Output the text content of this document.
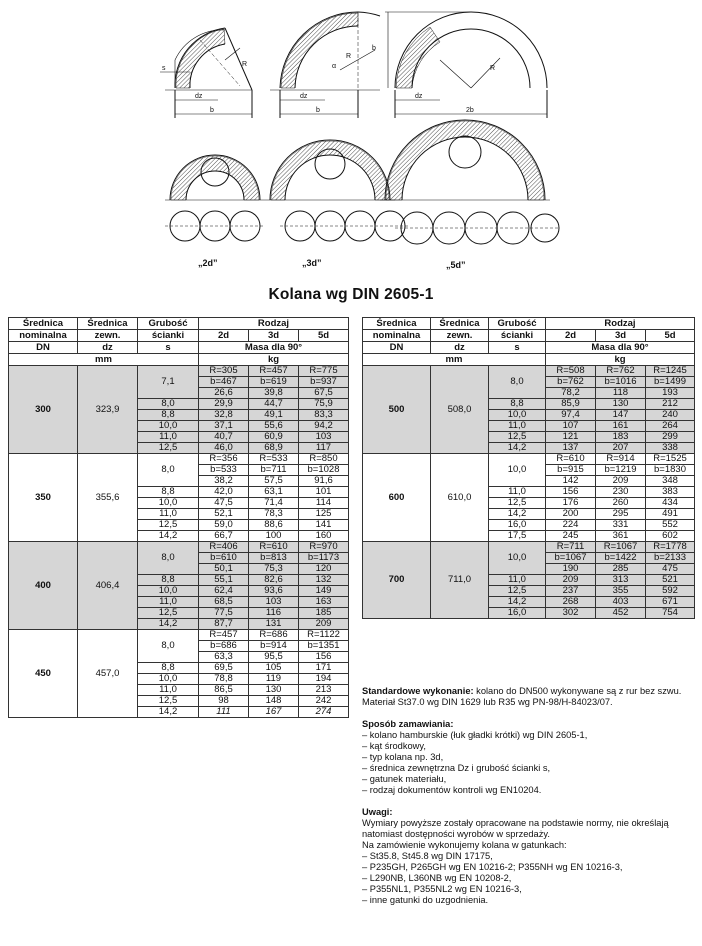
s
R
dz
b
dz
b
α
R
b
dz
2b
R
„2d”	„3d”	„5d”
Kolana wg DIN 2605-1
Średnica	Średnica	Grubość	Rodzaj		
nominalna	zewn.	ścianki	2d	3d	5d
DN	dz	s	Masa dla 90°		
mm			kg		
300	323,9	7,1	R=305	R=457	R=775
			b=467	b=619	b=937
			26,6	39,8	67,5
		8,0	29,9	44,7	75,9
		8,8	32,8	49,1	83,3
		10,0	37,1	55,6	94,2
		11,0	40,7	60,9	103
		12,5	46,0	68,9	117
350	355,6	8,0	R=356	R=533	R=850
			b=533	b=711	b=1028
			38,2	57,5	91,6
		8,8	42,0	63,1	101
		10,0	47,5	71,4	114
		11,0	52,1	78,3	125
		12,5	59,0	88,6	141
		14,2	66,7	100	160
400	406,4	8,0	R=406	R=610	R=970
			b=610	b=813	b=1173
			50,1	75,3	120
		8,8	55,1	82,6	132
		10,0	62,4	93,6	149
		11,0	68,5	103	163
		12,5	77,5	116	185
		14,2	87,7	131	209
450	457,0	8,0	R=457	R=686	R=1122
			b=686	b=914	b=1351
			63,3	95,5	156
		8,8	69,5	105	171
		10,0	78,8	119	194
		11,0	86,5	130	213
		12,5	98	148	242
		14,2	111	167	274
Średnica	Średnica	Grubość	Rodzaj		
nominalna	zewn.	ścianki	2d	3d	5d
DN	dz	s	Masa dla 90°		
mm			kg		
500	508,0	8,0	R=508	R=762	R=1245
			b=762	b=1016	b=1499
			78,2	118	193
		8,8	85,9	130	212
		10,0	97,4	147	240
		11,0	107	161	264
		12,5	121	183	299
		14,2	137	207	338
600	610,0	10,0	R=610	R=914	R=1525
			b=915	b=1219	b=1830
			142	209	348
		11,0	156	230	383
		12,5	176	260	434
		14,2	200	295	491
		16,0	224	331	552
		17,5	245	361	602
700	711,0	10,0	R=711	R=1067	R=1778
			b=1067	b=1422	b=2133
			190	285	475
		11,0	209	313	521
		12,5	237	355	592
		14,2	268	403	671
		16,0	302	452	754

Standardowe wykonanie: kolano do DN500 wykonywane są z rur bez szwu. Materiał St37.0 wg DIN 1629 lub R35 wg PN-98/H-84023/07.

Sposób zamawiania:

– kolano hamburskie (łuk gładki krótki) wg DIN 2605-1,
– kąt środkowy,
– typ kolana np. 3d,
– średnica zewnętrzna Dz i grubość ścianki s,
– gatunek materiału,
– rodzaj dokumentów kontroli wg EN10204.

Uwagi:

Wymiary powyższe zostały opracowane na podstawie normy, nie określają natomiast dostępności wyrobów w sprzedaży.

Na zamówienie wykonujemy kolana w gatunkach:

– St35.8, St45.8 wg DIN 17175,
– P235GH, P265GH wg EN 10216-2; P355NH wg EN 10216-3,
– L290NB, L360NB wg EN 10208-2,
– P355NL1, P355NL2 wg EN 10216-3,
– inne gatunki do uzgodnienia.
